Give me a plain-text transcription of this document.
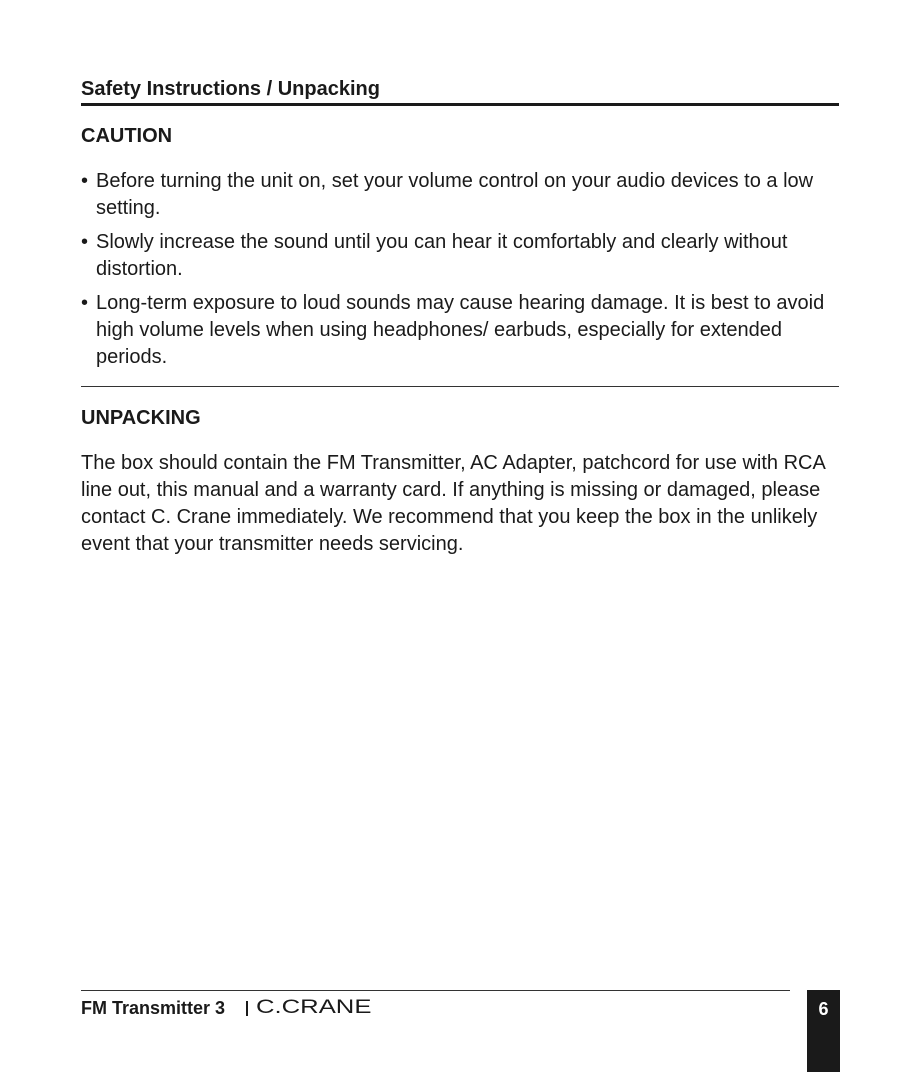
Safety Instructions / Unpacking
CAUTION
• Before turning the unit on, set your volume control on your audio devices to a low setting.
• Slowly increase the sound until you can hear it comfortably and clearly without distortion.
• Long-term exposure to loud sounds may cause hearing damage. It is best to avoid high volume levels when using headphones/ earbuds, especially for extended periods.
UNPACKING

The box should contain the FM Transmitter, AC Adapter, patchcord for use with RCA line out, this manual and a warranty card. If anything is missing or damaged, please contact C. Crane immediately. We recommend that you keep the box in the unlikely event that your transmitter needs servicing.

FM Transmitter 3 C.CRANE	6
